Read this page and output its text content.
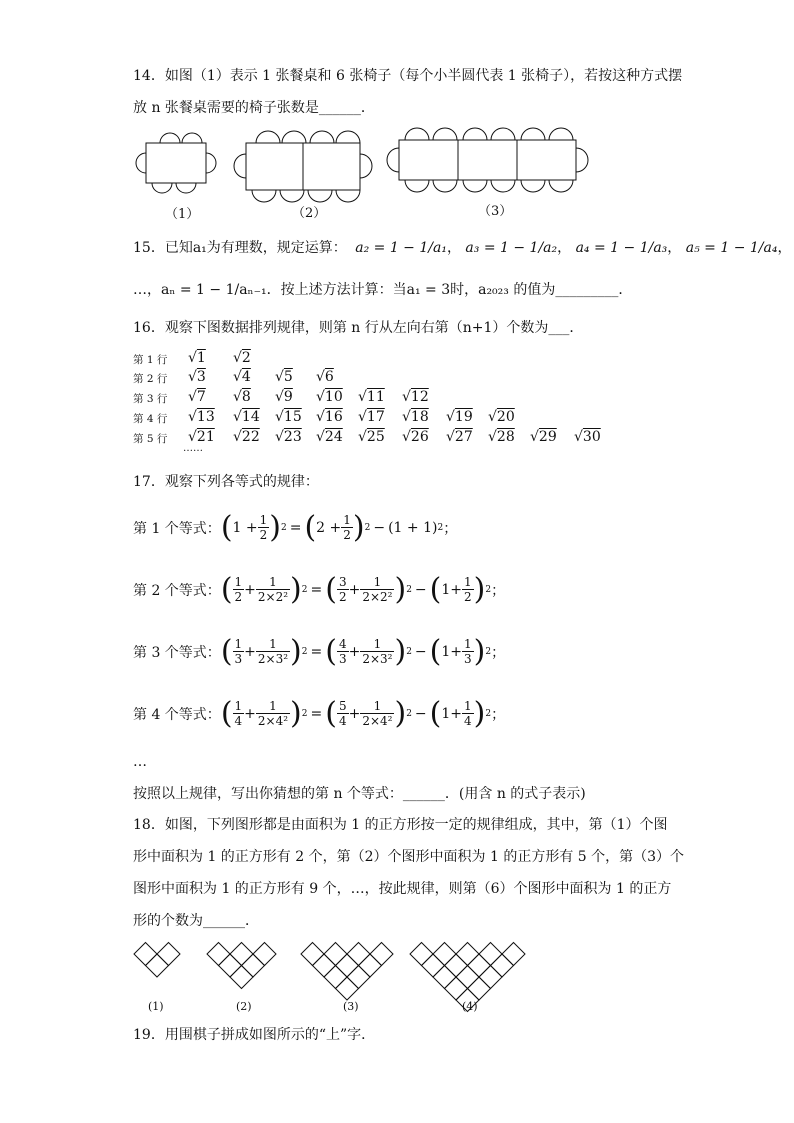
14．如图（1）表示 1 张餐桌和 6 张椅子（每个小半圆代表 1 张椅子），若按这种方式摆
放 n 张餐桌需要的椅子张数是______．
（1）	（2）	（3）
15．已知a₁为有理数，规定运算： a₂ = 1 − 1/a₁， a₃ = 1 − 1/a₂， a₄ = 1 − 1/a₃， a₅ = 1 − 1/a₄，
…，aₙ = 1 − 1/aₙ₋₁．按上述方法计算：当a₁ = 3时，a₂₀₂₃ 的值为_________．
16．观察下图数据排列规律，则第 n 行从左向右第（n+1）个数为___．
第 1 行 √1 √2
第 2 行 √3 √4 √5 √6
第 3 行 √7 √8 √9 √10 √11 √12
第 4 行 √13 √14 √15 √16 √17 √18 √19 √20
第 5 行 √21 √22 √23 √24 √25 √26 √27 √28 √29 √30
……
17．观察下列各等式的规律：
第 1 个等式： ( $1 + \frac{1}{2}$ ) 2 = ( $2 + \frac{1}{2}$ ) 2 − (1 + 1) 2 ；
第 2 个等式： ( $\frac{1}{2} + \frac{1}{\text{2×2²}}$ ) 2 = ( $\frac{3}{2} + \frac{1}{\text{2×2²}}$ ) 2 − ( $1+ \frac{1}{2}$ ) 2 ；
第 3 个等式： ( $\frac{1}{3} + \frac{1}{\text{2×3²}}$ ) 2 = ( $\frac{4}{3} + \frac{1}{\text{2×3²}}$ ) 2 − ( $1+ \frac{1}{3}$ ) 2 ；
第 4 个等式： ( $\frac{1}{4} + \frac{1}{\text{2×4²}}$ ) 2 = ( $\frac{5}{4} + \frac{1}{\text{2×4²}}$ ) 2 − ( $1+ \frac{1}{4}$ ) 2 ；
…
按照以上规律，写出你猜想的第 n 个等式：______．(用含 n 的式子表示)
18．如图，下列图形都是由面积为 1 的正方形按一定的规律组成，其中，第（1）个图
形中面积为 1 的正方形有 2 个，第（2）个图形中面积为 1 的正方形有 5 个，第（3）个
图形中面积为 1 的正方形有 9 个，…，按此规律，则第（6）个图形中面积为 1 的正方
形的个数为______．
(1)	(2)	(3)	(4)
19．用围棋子拼成如图所示的“上”字．
